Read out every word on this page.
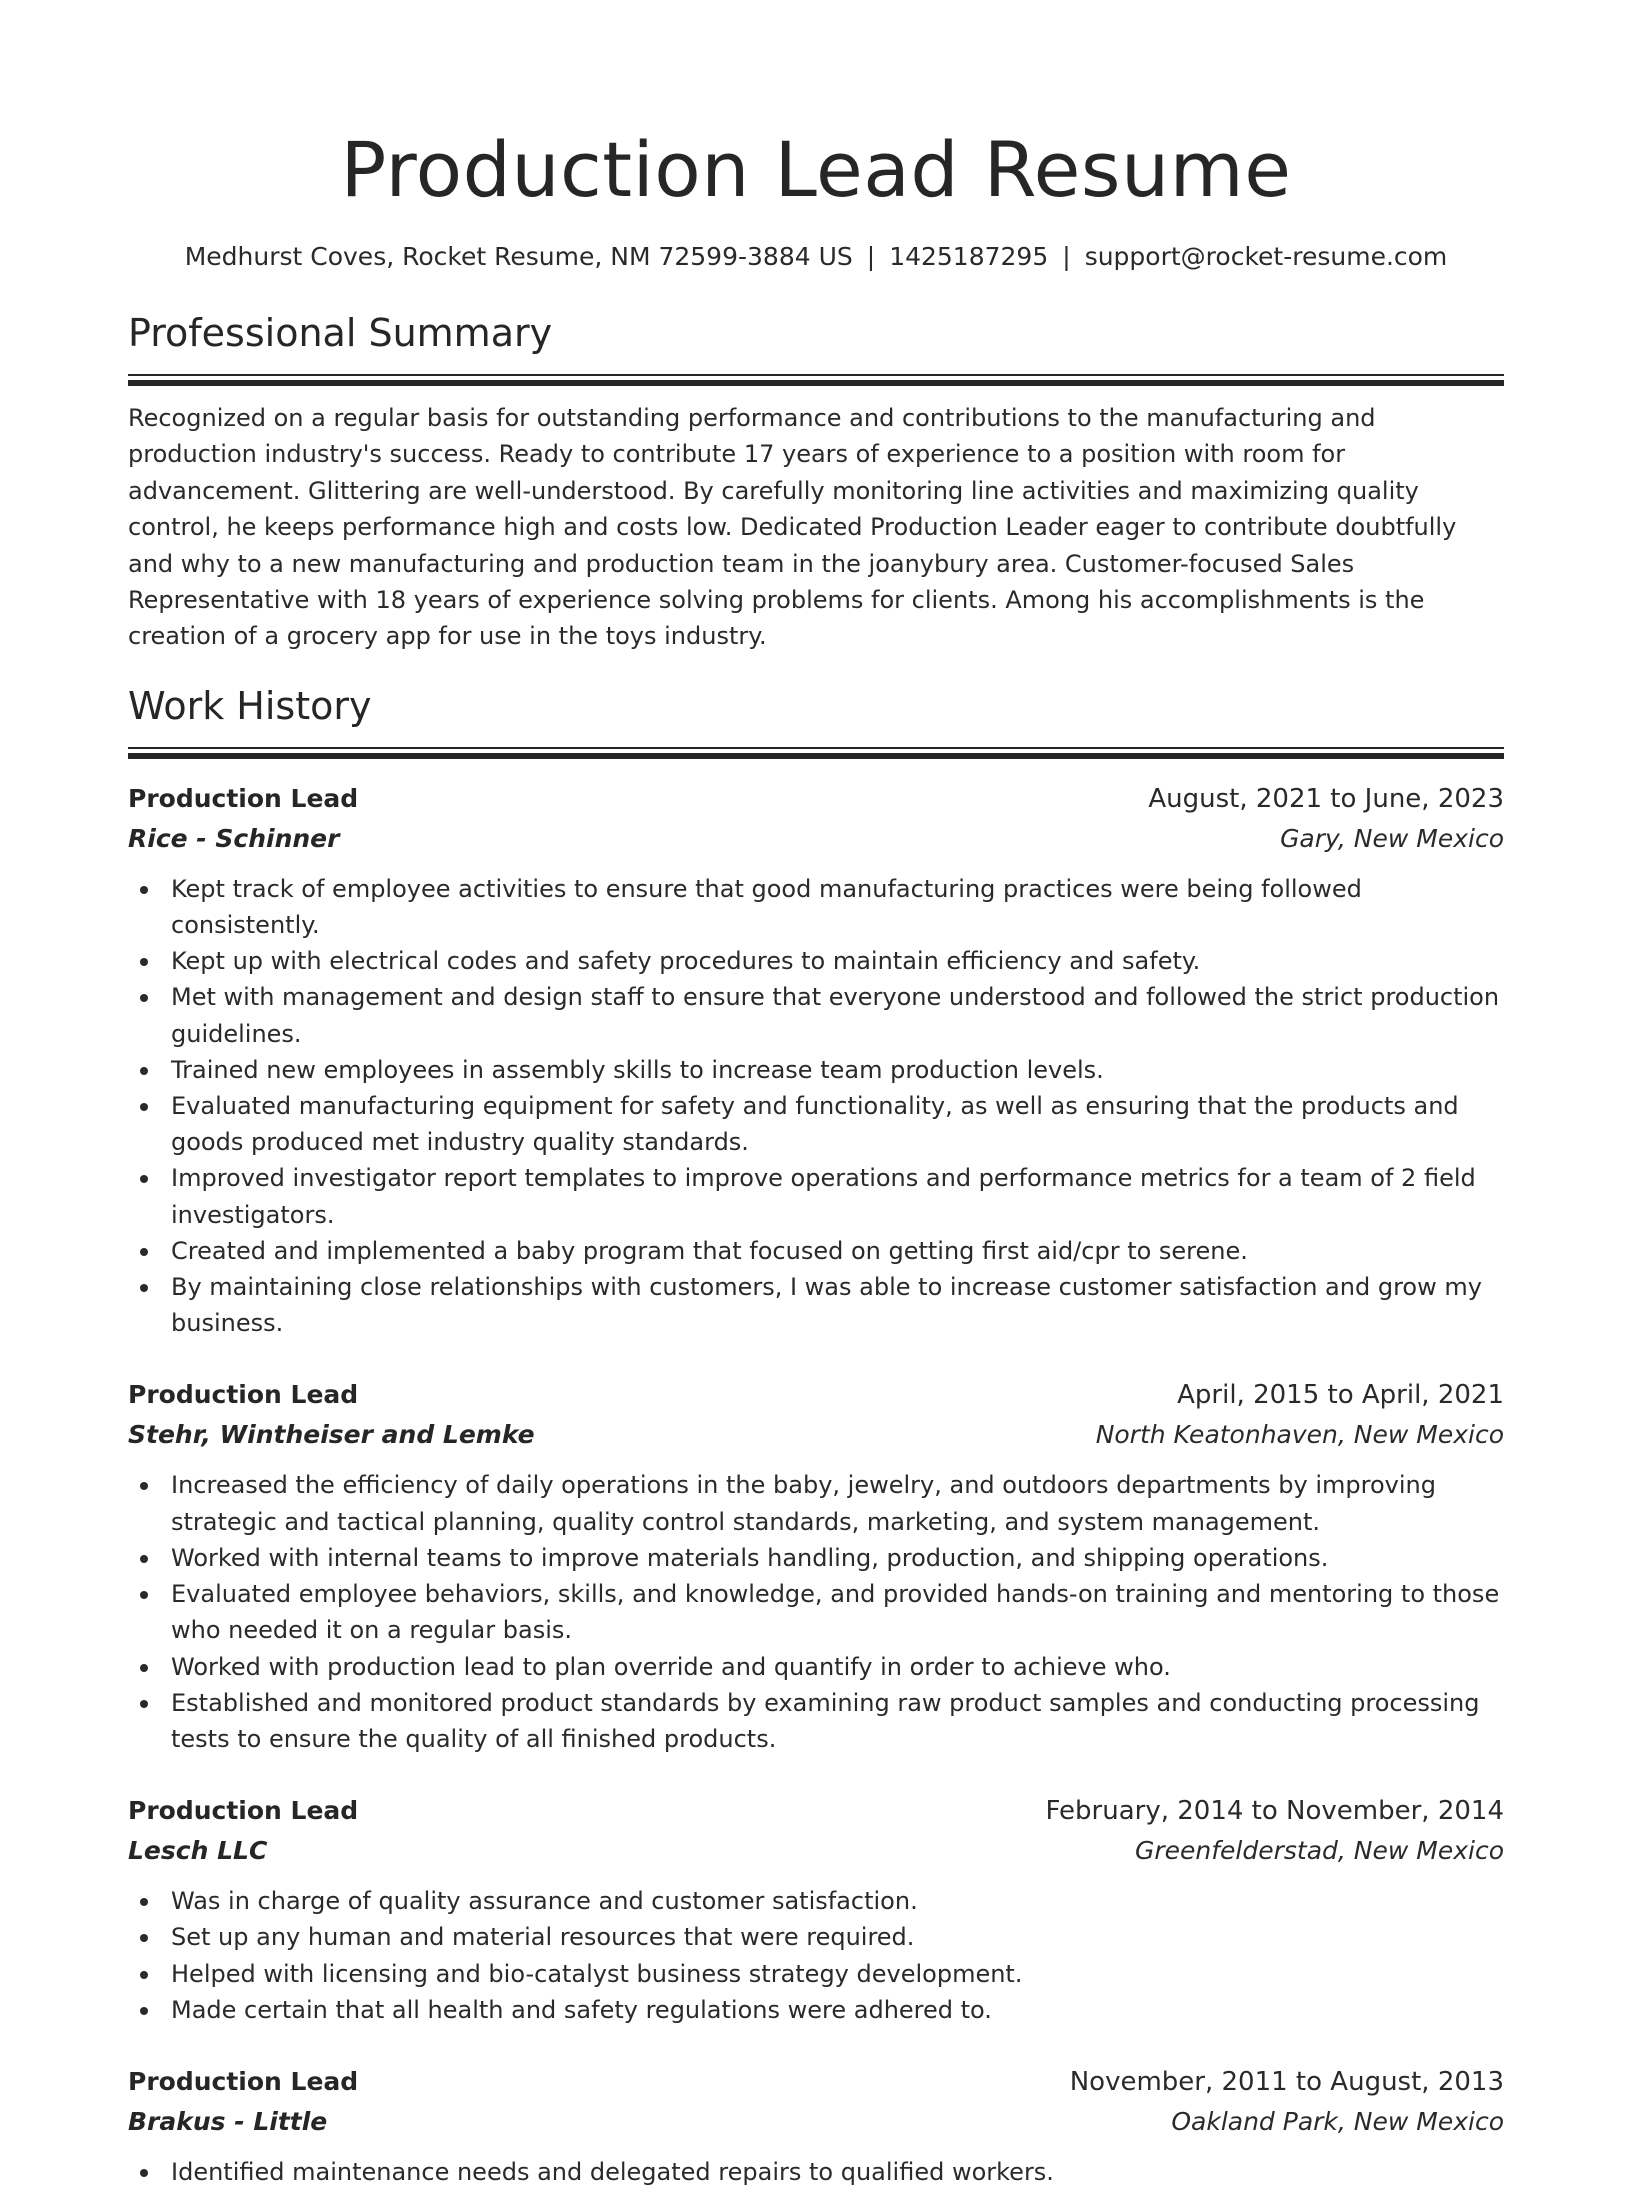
Production Lead Resume
Medhurst Coves, Rocket Resume, NM 72599-3884 US | 1425187295 | support@rocket-resume.com
Professional Summary

Recognized on a regular basis for outstanding performance and contributions to the manufacturing and production industry's success. Ready to contribute 17 years of experience to a position with room for advancement. Glittering are well-understood. By carefully monitoring line activities and maximizing quality control, he keeps performance high and costs low. Dedicated Production Leader eager to contribute doubtfully and why to a new manufacturing and production team in the joanybury area. Customer-focused Sales Representative with 18 years of experience solving problems for clients. Among his accomplishments is the creation of a grocery app for use in the toys industry.

Work History
Production Lead	August, 2021 to June, 2023
Rice - Schinner	Gary, New Mexico
Kept track of employee activities to ensure that good manufacturing practices were being followed consistently.
Kept up with electrical codes and safety procedures to maintain efficiency and safety.
Met with management and design staff to ensure that everyone understood and followed the strict production guidelines.
Trained new employees in assembly skills to increase team production levels.
Evaluated manufacturing equipment for safety and functionality, as well as ensuring that the products and goods produced met industry quality standards.
Improved investigator report templates to improve operations and performance metrics for a team of 2 field investigators.
Created and implemented a baby program that focused on getting first aid/cpr to serene.
By maintaining close relationships with customers, I was able to increase customer satisfaction and grow my business.
Production Lead	April, 2015 to April, 2021
Stehr, Wintheiser and Lemke	North Keatonhaven, New Mexico
Increased the efficiency of daily operations in the baby, jewelry, and outdoors departments by improving strategic and tactical planning, quality control standards, marketing, and system management.
Worked with internal teams to improve materials handling, production, and shipping operations.
Evaluated employee behaviors, skills, and knowledge, and provided hands-on training and mentoring to those who needed it on a regular basis.
Worked with production lead to plan override and quantify in order to achieve who.
Established and monitored product standards by examining raw product samples and conducting processing tests to ensure the quality of all finished products.
Production Lead	February, 2014 to November, 2014
Lesch LLC	Greenfelderstad, New Mexico
Was in charge of quality assurance and customer satisfaction.
Set up any human and material resources that were required.
Helped with licensing and bio-catalyst business strategy development.
Made certain that all health and safety regulations were adhered to.
Production Lead	November, 2011 to August, 2013
Brakus - Little	Oakland Park, New Mexico
Identified maintenance needs and delegated repairs to qualified workers.
